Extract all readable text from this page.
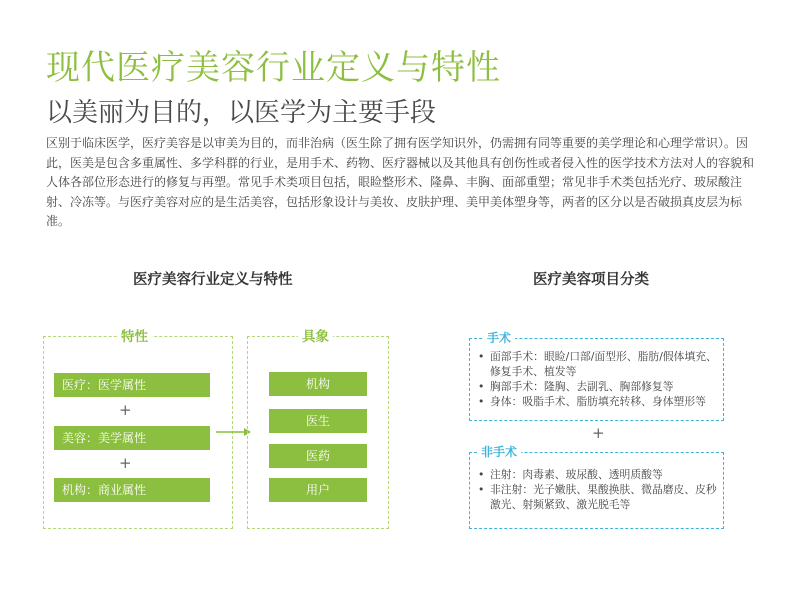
现代医疗美容行业定义与特性
以美丽为目的，以医学为主要手段

区别于临床医学，医疗美容是以审美为目的，而非治病（医生除了拥有医学知识外，仍需拥有同等重要的美学理论和心理学常识）。因此，医美是包含多重属性、多学科群的行业，是用手术、药物、医疗器械以及其他具有创伤性或者侵入性的医学技术方法对人的容貌和人体各部位形态进行的修复与再塑。常见手术类项目包括，眼睑整形术、隆鼻、丰胸、面部重塑；常见非手术类包括光疗、玻尿酸注射、冷冻等。与医疗美容对应的是生活美容，包括形象设计与美妆、皮肤护理、美甲美体塑身等，两者的区分以是否破损真皮层为标准。

医疗美容行业定义与特性
特性
医疗：医学属性
+
美容：美学属性
+
机构：商业属性
具象
机构
医生
医药
用户
医疗美容项目分类
手术
• 面部手术：眼睑/口部/面型形、脂肪/假体填充、修复手术、植发等
• 胸部手术：隆胸、去副乳、胸部修复等
• 身体：吸脂手术、脂肪填充转移、身体塑形等
+
非手术
• 注射：肉毒素、玻尿酸、透明质酸等
• 非注射：光子嫩肤、果酸换肤、微晶磨皮、皮秒激光、射频紧致、激光脱毛等
